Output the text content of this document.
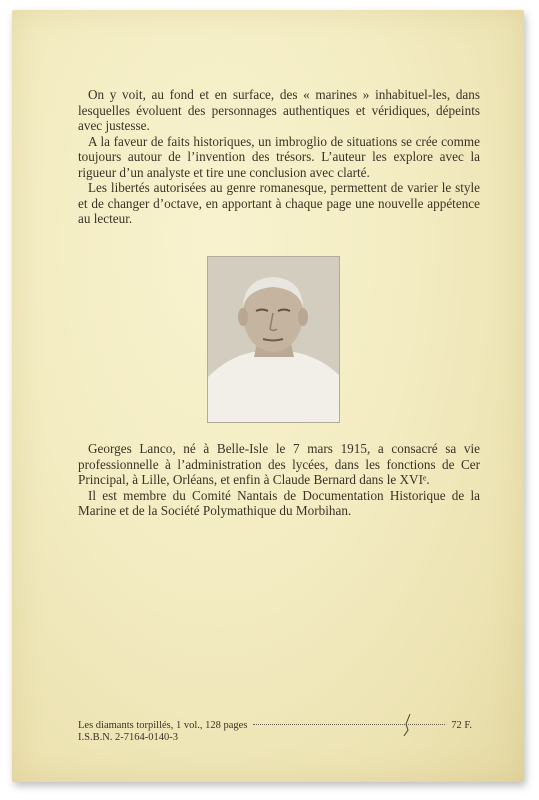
On y voit, au fond et en surface, des « marines » inhabituel-les, dans lesquelles évoluent des personnages authentiques et véridiques, dépeints avec justesse.

A la faveur de faits historiques, un imbroglio de situations se crée comme toujours autour de l’invention des trésors. L’auteur les explore avec la rigueur d’un analyste et tire une conclusion avec clarté.

Les libertés autorisées au genre romanesque, permettent de varier le style et de changer d’octave, en apportant à chaque page une nouvelle appétence au lecteur.

Georges Lanco, né à Belle-Isle le 7 mars 1915, a consacré sa vie professionnelle à l’administration des lycées, dans les fonctions de Cer Principal, à Lille, Orléans, et enfin à Claude Bernard dans le XVIᵉ.

Il est membre du Comité Nantais de Documentation Historique de la Marine et de la Société Polymathique du Morbihan.

Les diamants torpillés, 1 vol., 128 pages	72 F.
I.S.B.N. 2-7164-0140-3
